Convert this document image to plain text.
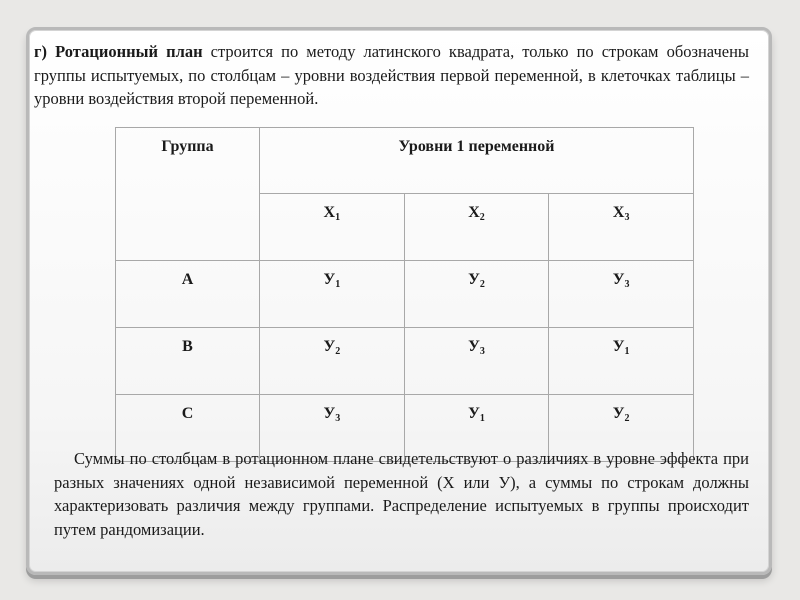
г) Ротационный план строится по методу латинского квадрата, только по строкам обозначены группы испытуемых, по столбцам – уровни воздействия первой переменной, в клеточках таблицы – уровни воздействия второй переменной.

Группа	Уровни 1 переменной		
	$Х_1$	$Х_2$	$Х_3$
А	$У_1$	$У_2$	$У_3$
В	$У_2$	$У_3$	$У_1$
С	$У_3$	$У_1$	$У_2$

Суммы по столбцам в ротационном плане свидетельствуют о различиях в уровне эффекта при разных значениях одной независимой переменной (Х или У), а суммы по строкам должны характеризовать различия между группами. Распределение испытуемых в группы происходит путем рандомизации.
